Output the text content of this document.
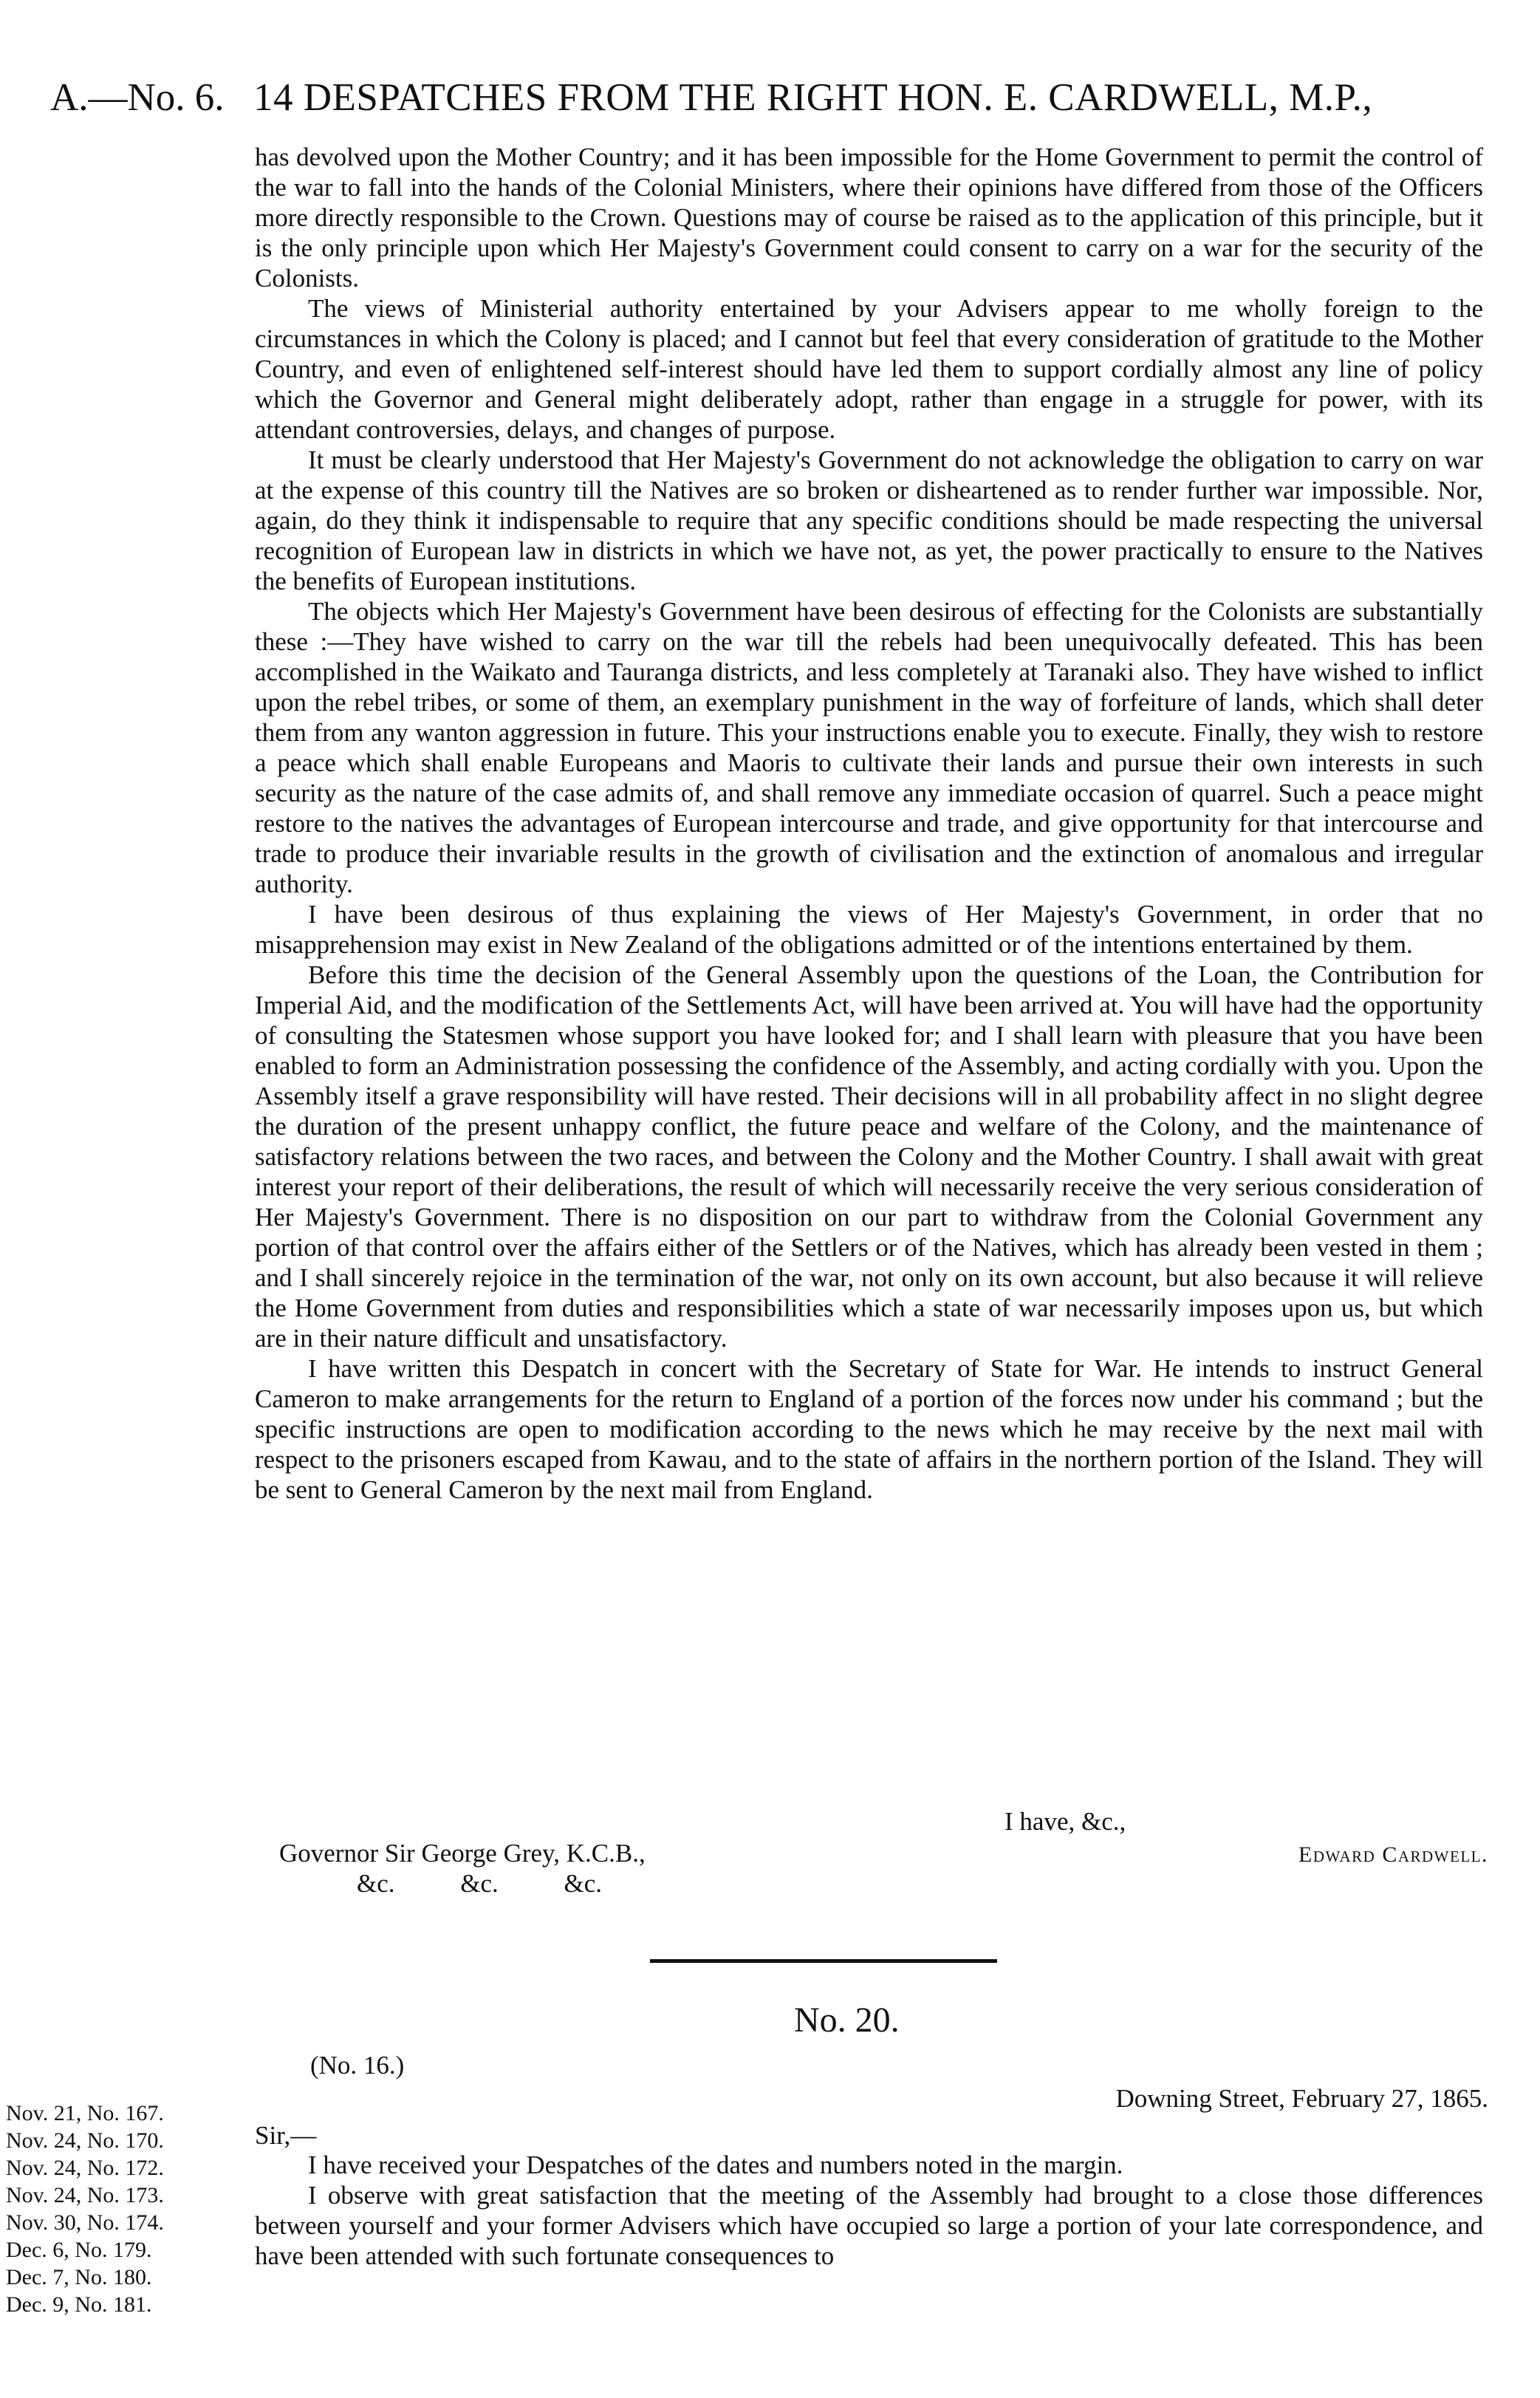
A.—No. 6. 14 DESPATCHES FROM THE RIGHT HON. E. CARDWELL, M.P.,

has devolved upon the Mother Country; and it has been impossible for the Home Government to permit the control of the war to fall into the hands of the Colonial Ministers, where their opinions have differed from those of the Officers more directly responsible to the Crown. Questions may of course be raised as to the application of this principle, but it is the only principle upon which Her Majesty's Government could consent to carry on a war for the security of the Colonists.

The views of Ministerial authority entertained by your Advisers appear to me wholly foreign to the circumstances in which the Colony is placed; and I cannot but feel that every consideration of gratitude to the Mother Country, and even of enlightened self-interest should have led them to support cordially almost any line of policy which the Governor and General might deliberately adopt, rather than engage in a struggle for power, with its attendant controversies, delays, and changes of purpose.

It must be clearly understood that Her Majesty's Government do not acknowledge the obligation to carry on war at the expense of this country till the Natives are so broken or disheartened as to render further war impossible. Nor, again, do they think it indispensable to require that any specific conditions should be made respecting the universal recognition of European law in districts in which we have not, as yet, the power practically to ensure to the Natives the benefits of European institutions.

The objects which Her Majesty's Government have been desirous of effecting for the Colonists are substantially these :—They have wished to carry on the war till the rebels had been unequivocally defeated. This has been accomplished in the Waikato and Tauranga districts, and less completely at Taranaki also. They have wished to inflict upon the rebel tribes, or some of them, an exemplary punishment in the way of forfeiture of lands, which shall deter them from any wanton aggression in future. This your instructions enable you to execute. Finally, they wish to restore a peace which shall enable Europeans and Maoris to cultivate their lands and pursue their own interests in such security as the nature of the case admits of, and shall remove any immediate occasion of quarrel. Such a peace might restore to the natives the advantages of European intercourse and trade, and give opportunity for that intercourse and trade to produce their invariable results in the growth of civilisation and the extinction of anomalous and irregular authority.

I have been desirous of thus explaining the views of Her Majesty's Government, in order that no misapprehension may exist in New Zealand of the obligations admitted or of the intentions entertained by them.

Before this time the decision of the General Assembly upon the questions of the Loan, the Contribution for Imperial Aid, and the modification of the Settlements Act, will have been arrived at. You will have had the opportunity of consulting the Statesmen whose support you have looked for; and I shall learn with pleasure that you have been enabled to form an Administration possessing the confidence of the Assembly, and acting cordially with you. Upon the Assembly itself a grave responsibility will have rested. Their decisions will in all probability affect in no slight degree the duration of the present unhappy conflict, the future peace and welfare of the Colony, and the maintenance of satisfactory relations between the two races, and between the Colony and the Mother Country. I shall await with great interest your report of their deliberations, the result of which will necessarily receive the very serious consideration of Her Majesty's Government. There is no disposition on our part to withdraw from the Colonial Government any portion of that control over the affairs either of the Settlers or of the Natives, which has already been vested in them ; and I shall sincerely rejoice in the termination of the war, not only on its own account, but also because it will relieve the Home Government from duties and responsibilities which a state of war necessarily imposes upon us, but which are in their nature difficult and unsatisfactory.

I have written this Despatch in concert with the Secretary of State for War. He intends to instruct General Cameron to make arrangements for the return to England of a portion of the forces now under his command ; but the specific instructions are open to modification according to the news which he may receive by the next mail with respect to the prisoners escaped from Kawau, and to the state of affairs in the northern portion of the Island. They will be sent to General Cameron by the next mail from England.

I have, &c.,
Edward Cardwell.
Governor Sir George Grey, K.C.B.,
&c. &c. &c.
No. 20.
(No. 16.)
Downing Street, February 27, 1865.
Nov. 21, No. 167.
Nov. 24, No. 170.
Nov. 24, No. 172.
Nov. 24, No. 173.
Nov. 30, No. 174.
Dec. 6, No. 179.
Dec. 7, No. 180.
Dec. 9, No. 181.
Sir,—

I have received your Despatches of the dates and numbers noted in the margin.

I observe with great satisfaction that the meeting of the Assembly had brought to a close those differences between yourself and your former Advisers which have occupied so large a portion of your late correspondence, and have been attended with such fortunate consequences to
